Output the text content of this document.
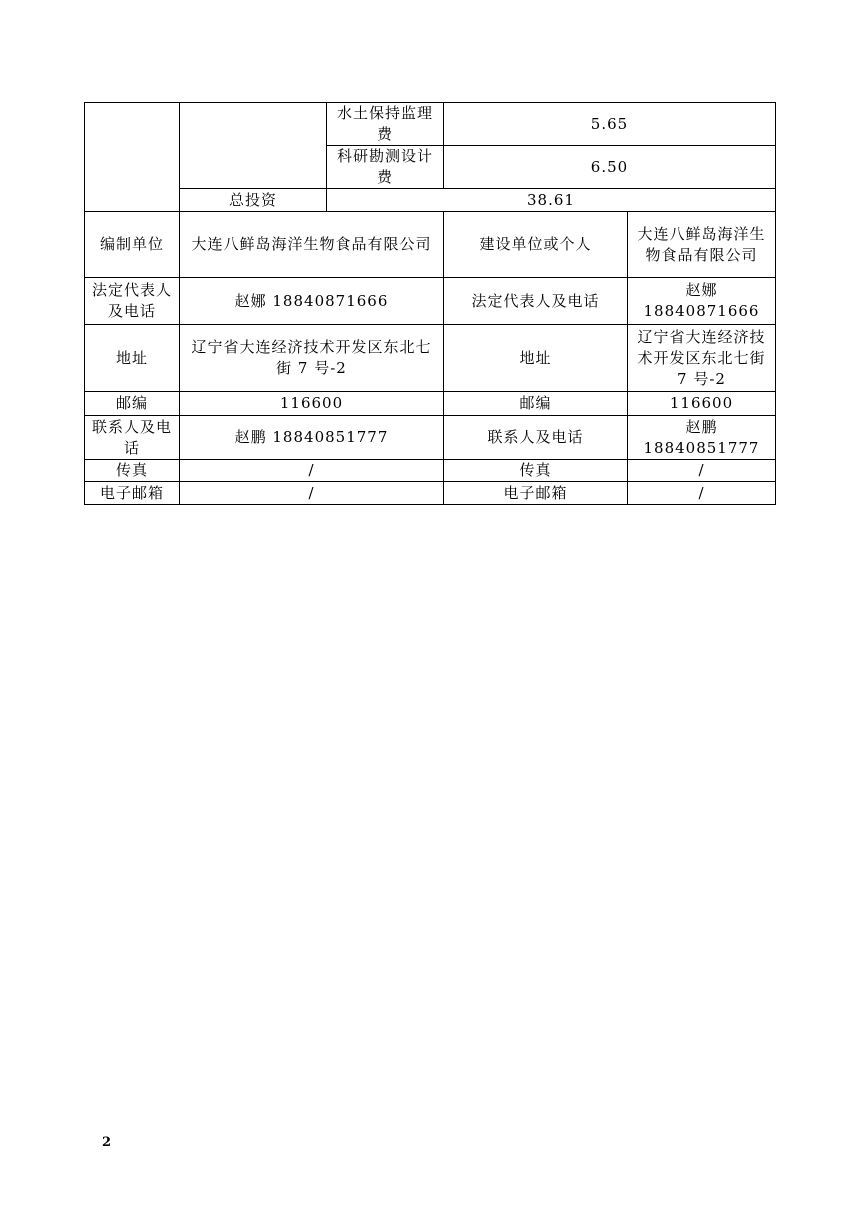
		水土保持监理费	5.65	
		科研勘测设计费	6.50	
	总投资	38.61		
编制单位	大连八鲜岛海洋生物食品有限公司		建设单位或个人	大连八鲜岛海洋生物食品有限公司
法定代表人及电话	赵娜 18840871666		法定代表人及电话	赵娜 18840871666
地址	辽宁省大连经济技术开发区东北七街 7 号-2		地址	辽宁省大连经济技术开发区东北七街 7 号-2
邮编	116600		邮编	116600
联系人及电话	赵鹏 18840851777		联系人及电话	赵鹏 18840851777
传真	/		传真	/
电子邮箱	/		电子邮箱	/
2
